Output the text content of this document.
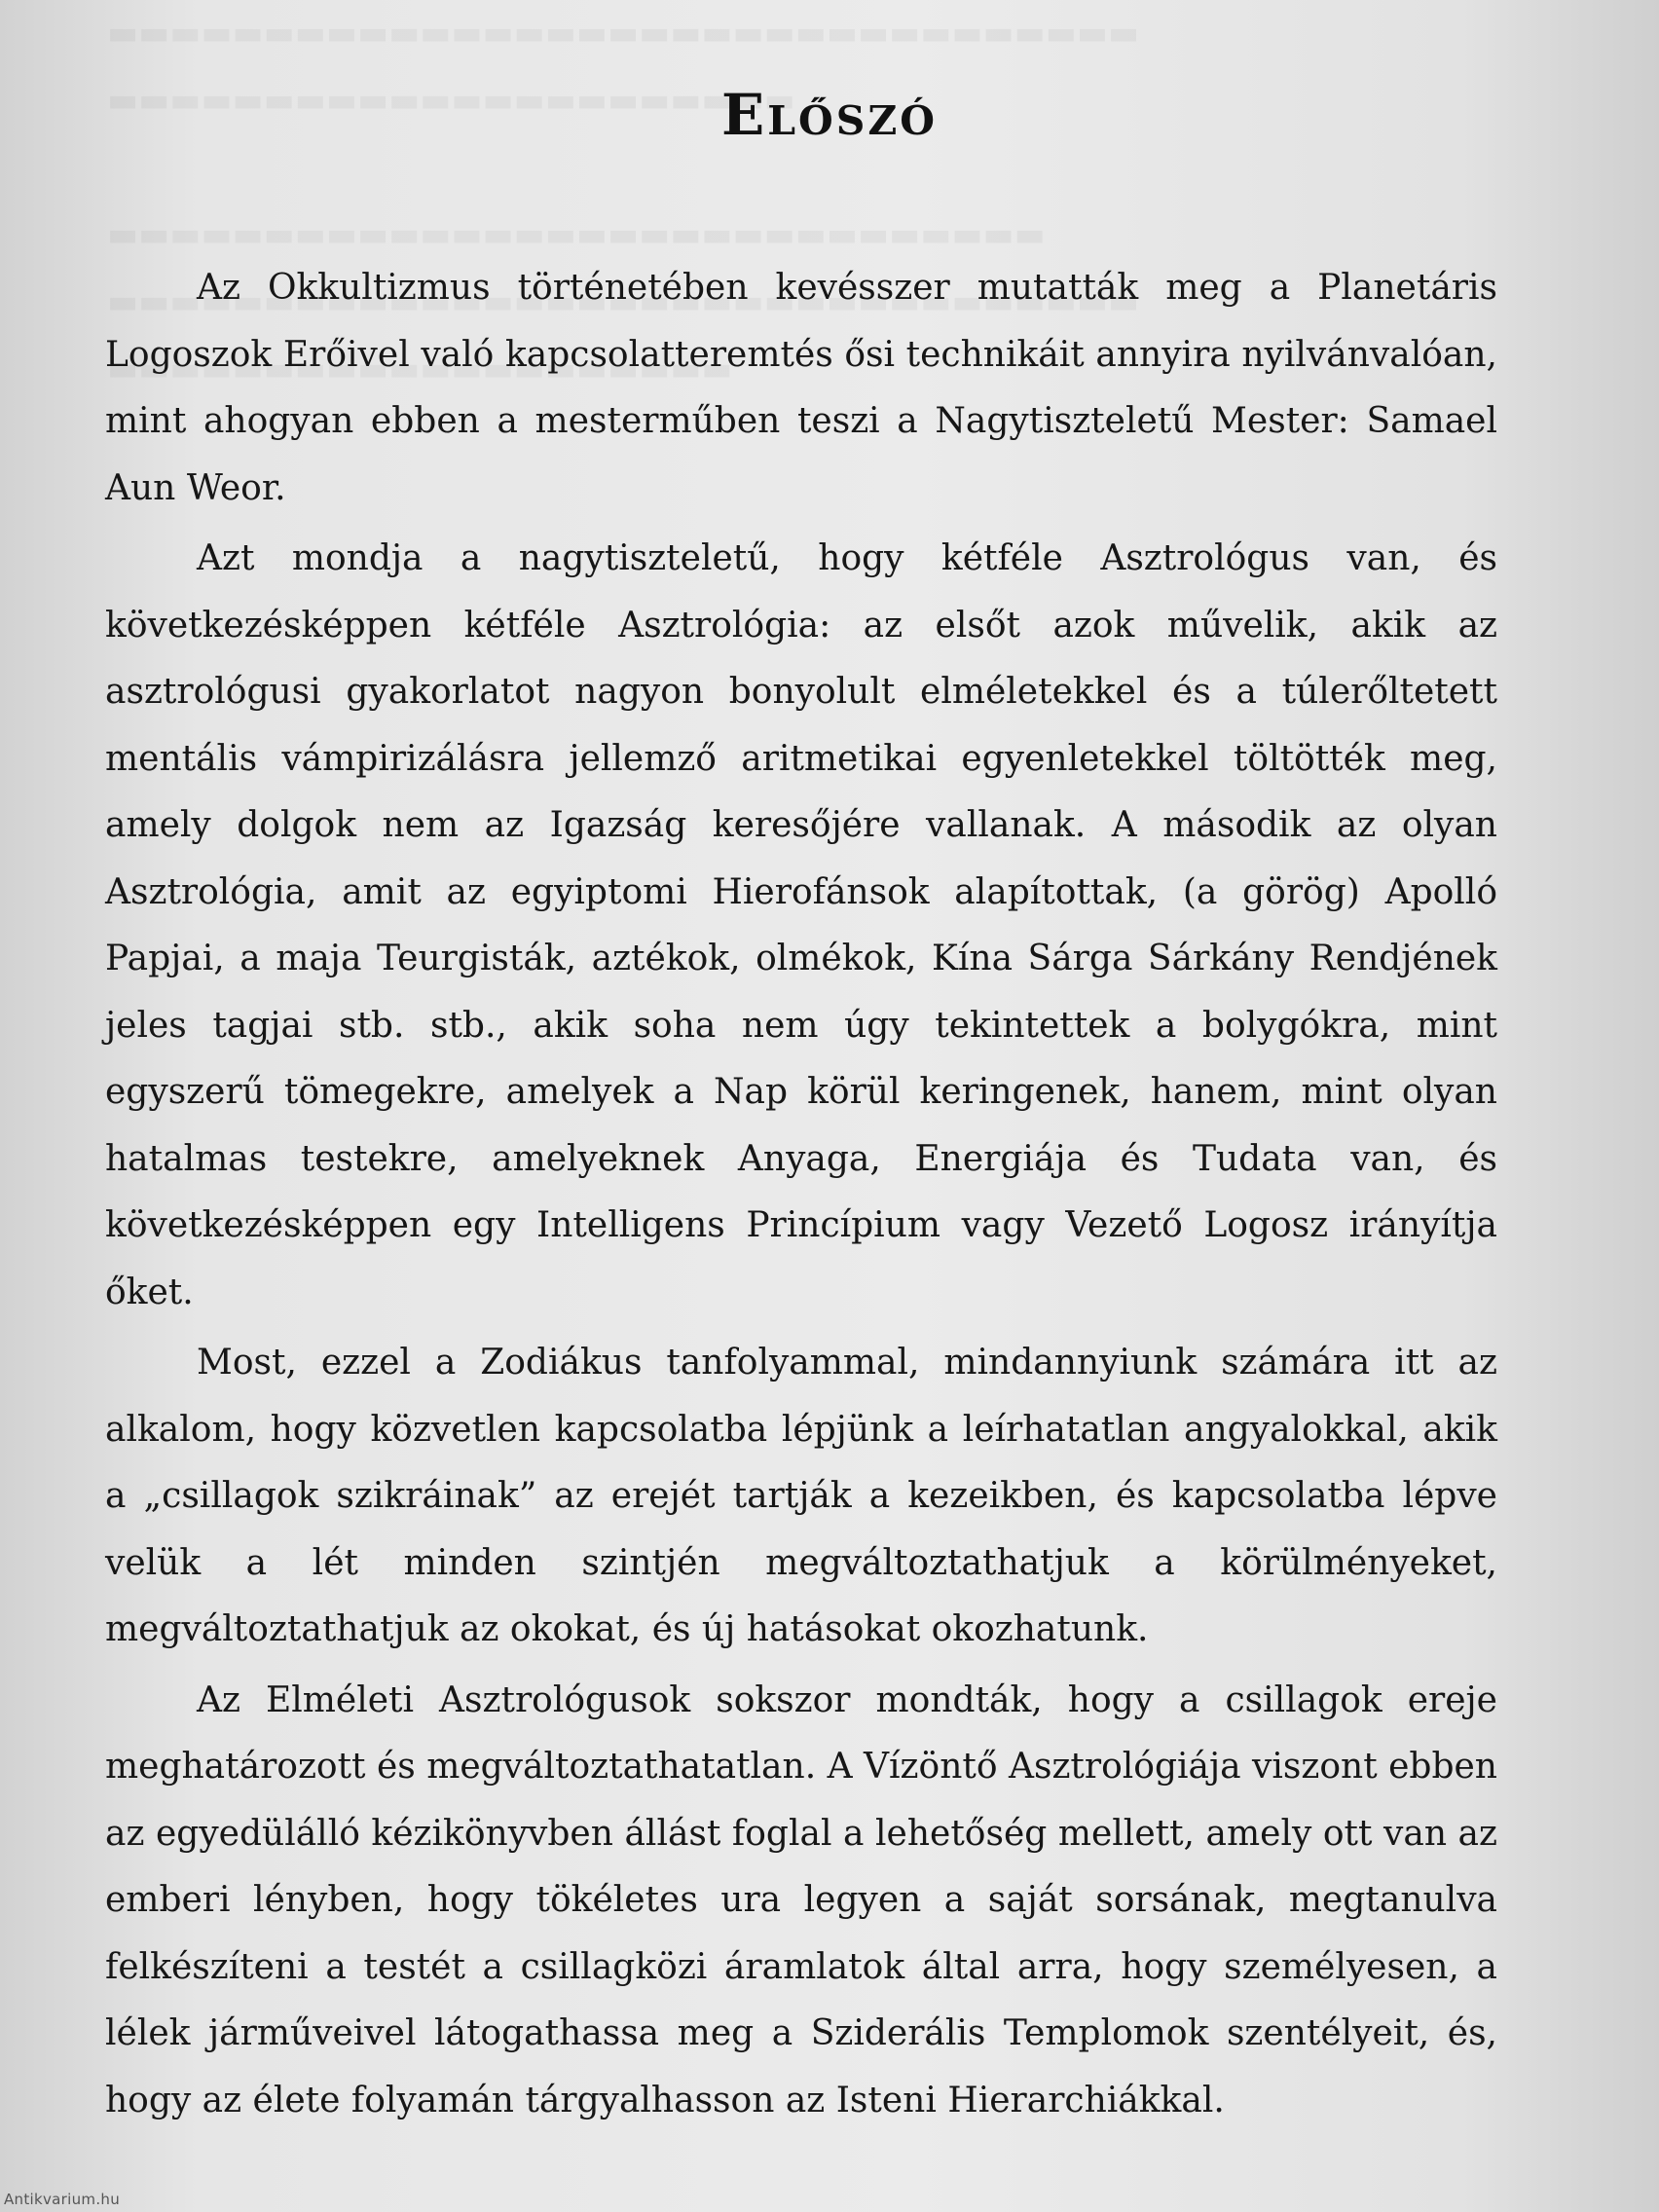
Előszó

Az Okkultizmus történetében kevésszer mutatták meg a Planetáris Logoszok Erőivel való kapcsolatteremtés ősi technikáit annyira nyilvánvalóan, mint ahogyan ebben a mesterműben teszi a Nagytiszteletű Mester: Samael Aun Weor.

Azt mondja a nagytiszteletű, hogy kétféle Asztrológus van, és következésképpen kétféle Asztrológia: az elsőt azok művelik, akik az asztrológusi gyakorlatot nagyon bonyolult elméletekkel és a túlerőltetett mentális vámpirizálásra jellemző aritmetikai egyenletekkel töltötték meg, amely dolgok nem az Igazság keresőjére vallanak. A második az olyan Asztrológia, amit az egyiptomi Hierofánsok alapítottak, (a görög) Apolló Papjai, a maja Teurgisták, aztékok, olmékok, Kína Sárga Sárkány Rendjének jeles tagjai stb. stb., akik soha nem úgy tekintettek a bolygókra, mint egyszerű tömegekre, amelyek a Nap körül keringenek, hanem, mint olyan hatalmas testekre, amelyeknek Anyaga, Energiája és Tudata van, és következésképpen egy Intelligens Princípium vagy Vezető Logosz irányítja őket.

Most, ezzel a Zodiákus tanfolyammal, mindannyiunk számára itt az alkalom, hogy közvetlen kapcsolatba lépjünk a leírhatatlan angyalokkal, akik a „csillagok szikráinak” az erejét tartják a kezeikben, és kapcsolatba lépve velük a lét minden szintjén megváltoztathatjuk a körülményeket, megváltoztathatjuk az okokat, és új hatásokat okozhatunk.

Az Elméleti Asztrológusok sokszor mondták, hogy a csillagok ereje meghatározott és megváltoztathatatlan. A Vízöntő Asztrológiája viszont ebben az egyedülálló kézikönyvben állást foglal a lehetőség mellett, amely ott van az emberi lényben, hogy tökéletes ura legyen a saját sorsának, megtanulva felkészíteni a testét a csillagközi áramlatok által arra, hogy személyesen, a lélek járműveivel látogathassa meg a Sziderális Templomok szentélyeit, és, hogy az élete folyamán tárgyalhasson az Isteni Hierarchiákkal.

Antikvarium.hu
